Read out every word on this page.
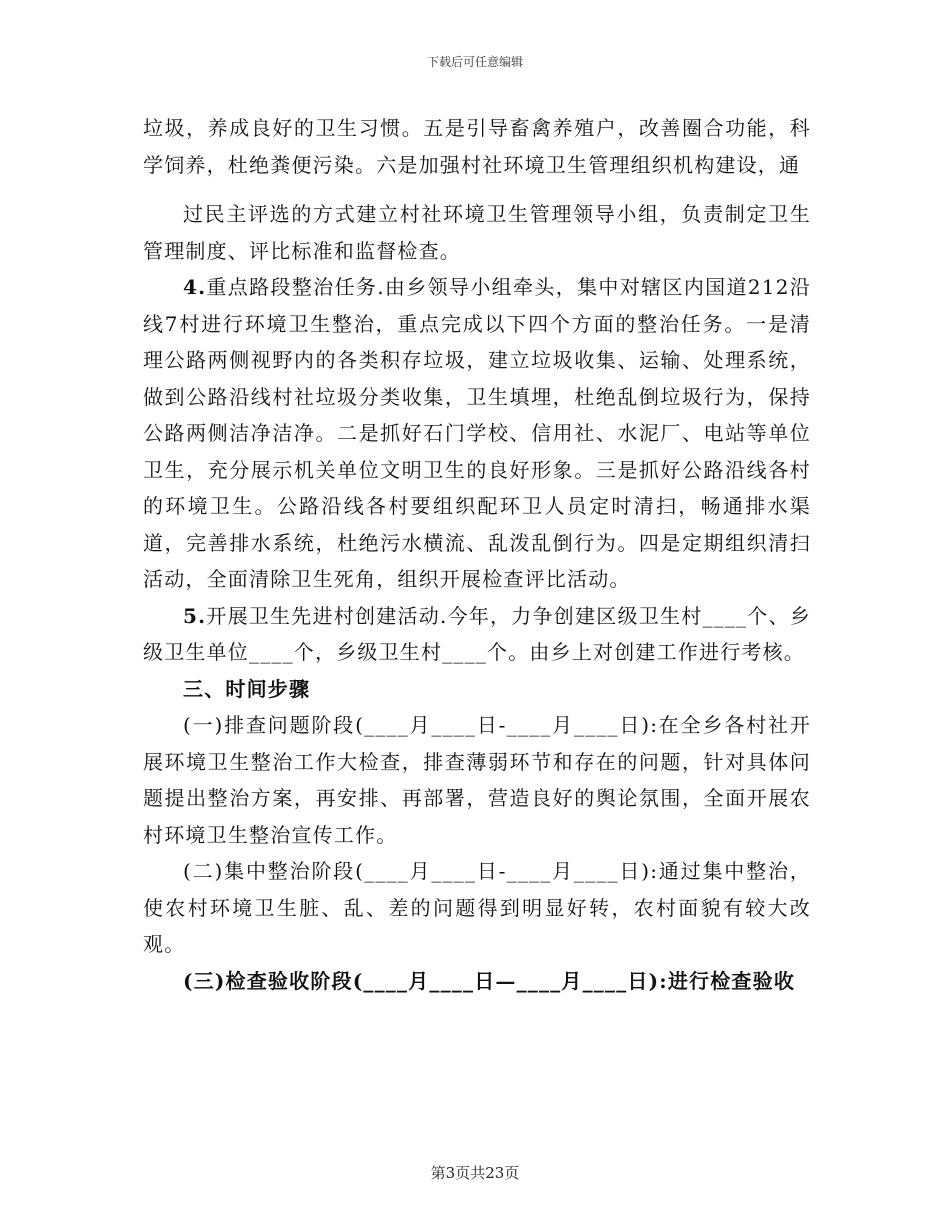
下载后可任意编辑

垃圾，养成良好的卫生习惯。五是引导畜禽养殖户，改善圈合功能，科学饲养，杜绝粪便污染。六是加强村社环境卫生管理组织机构建设，通

过民主评选的方式建立村社环境卫生管理领导小组，负责制定卫生管理制度、评比标准和监督检查。

4.重点路段整治任务.由乡领导小组牵头，集中对辖区内国道212沿线7村进行环境卫生整治，重点完成以下四个方面的整治任务。一是清理公路两侧视野内的各类积存垃圾，建立垃圾收集、运输、处理系统，做到公路沿线村社垃圾分类收集，卫生填埋，杜绝乱倒垃圾行为，保持公路两侧洁净洁净。二是抓好石门学校、信用社、水泥厂、电站等单位卫生，充分展示机关单位文明卫生的良好形象。三是抓好公路沿线各村的环境卫生。公路沿线各村要组织配环卫人员定时清扫，畅通排水渠道，完善排水系统，杜绝污水横流、乱泼乱倒行为。四是定期组织清扫活动，全面清除卫生死角，组织开展检查评比活动。

5.开展卫生先进村创建活动.今年，力争创建区级卫生村____个、乡级卫生单位____个，乡级卫生村____个。由乡上对创建工作进行考核。

三、时间步骤

(一)排查问题阶段(____月____日-____月____日):在全乡各村社开展环境卫生整治工作大检查，排查薄弱环节和存在的问题，针对具体问题提出整治方案，再安排、再部署，营造良好的舆论氛围，全面开展农村环境卫生整治宣传工作。

(二)集中整治阶段(____月____日-____月____日):通过集中整治，使农村环境卫生脏、乱、差的问题得到明显好转，农村面貌有较大改观。

(三)检查验收阶段(____月____日—____月____日):进行检查验收

第3页共23页
